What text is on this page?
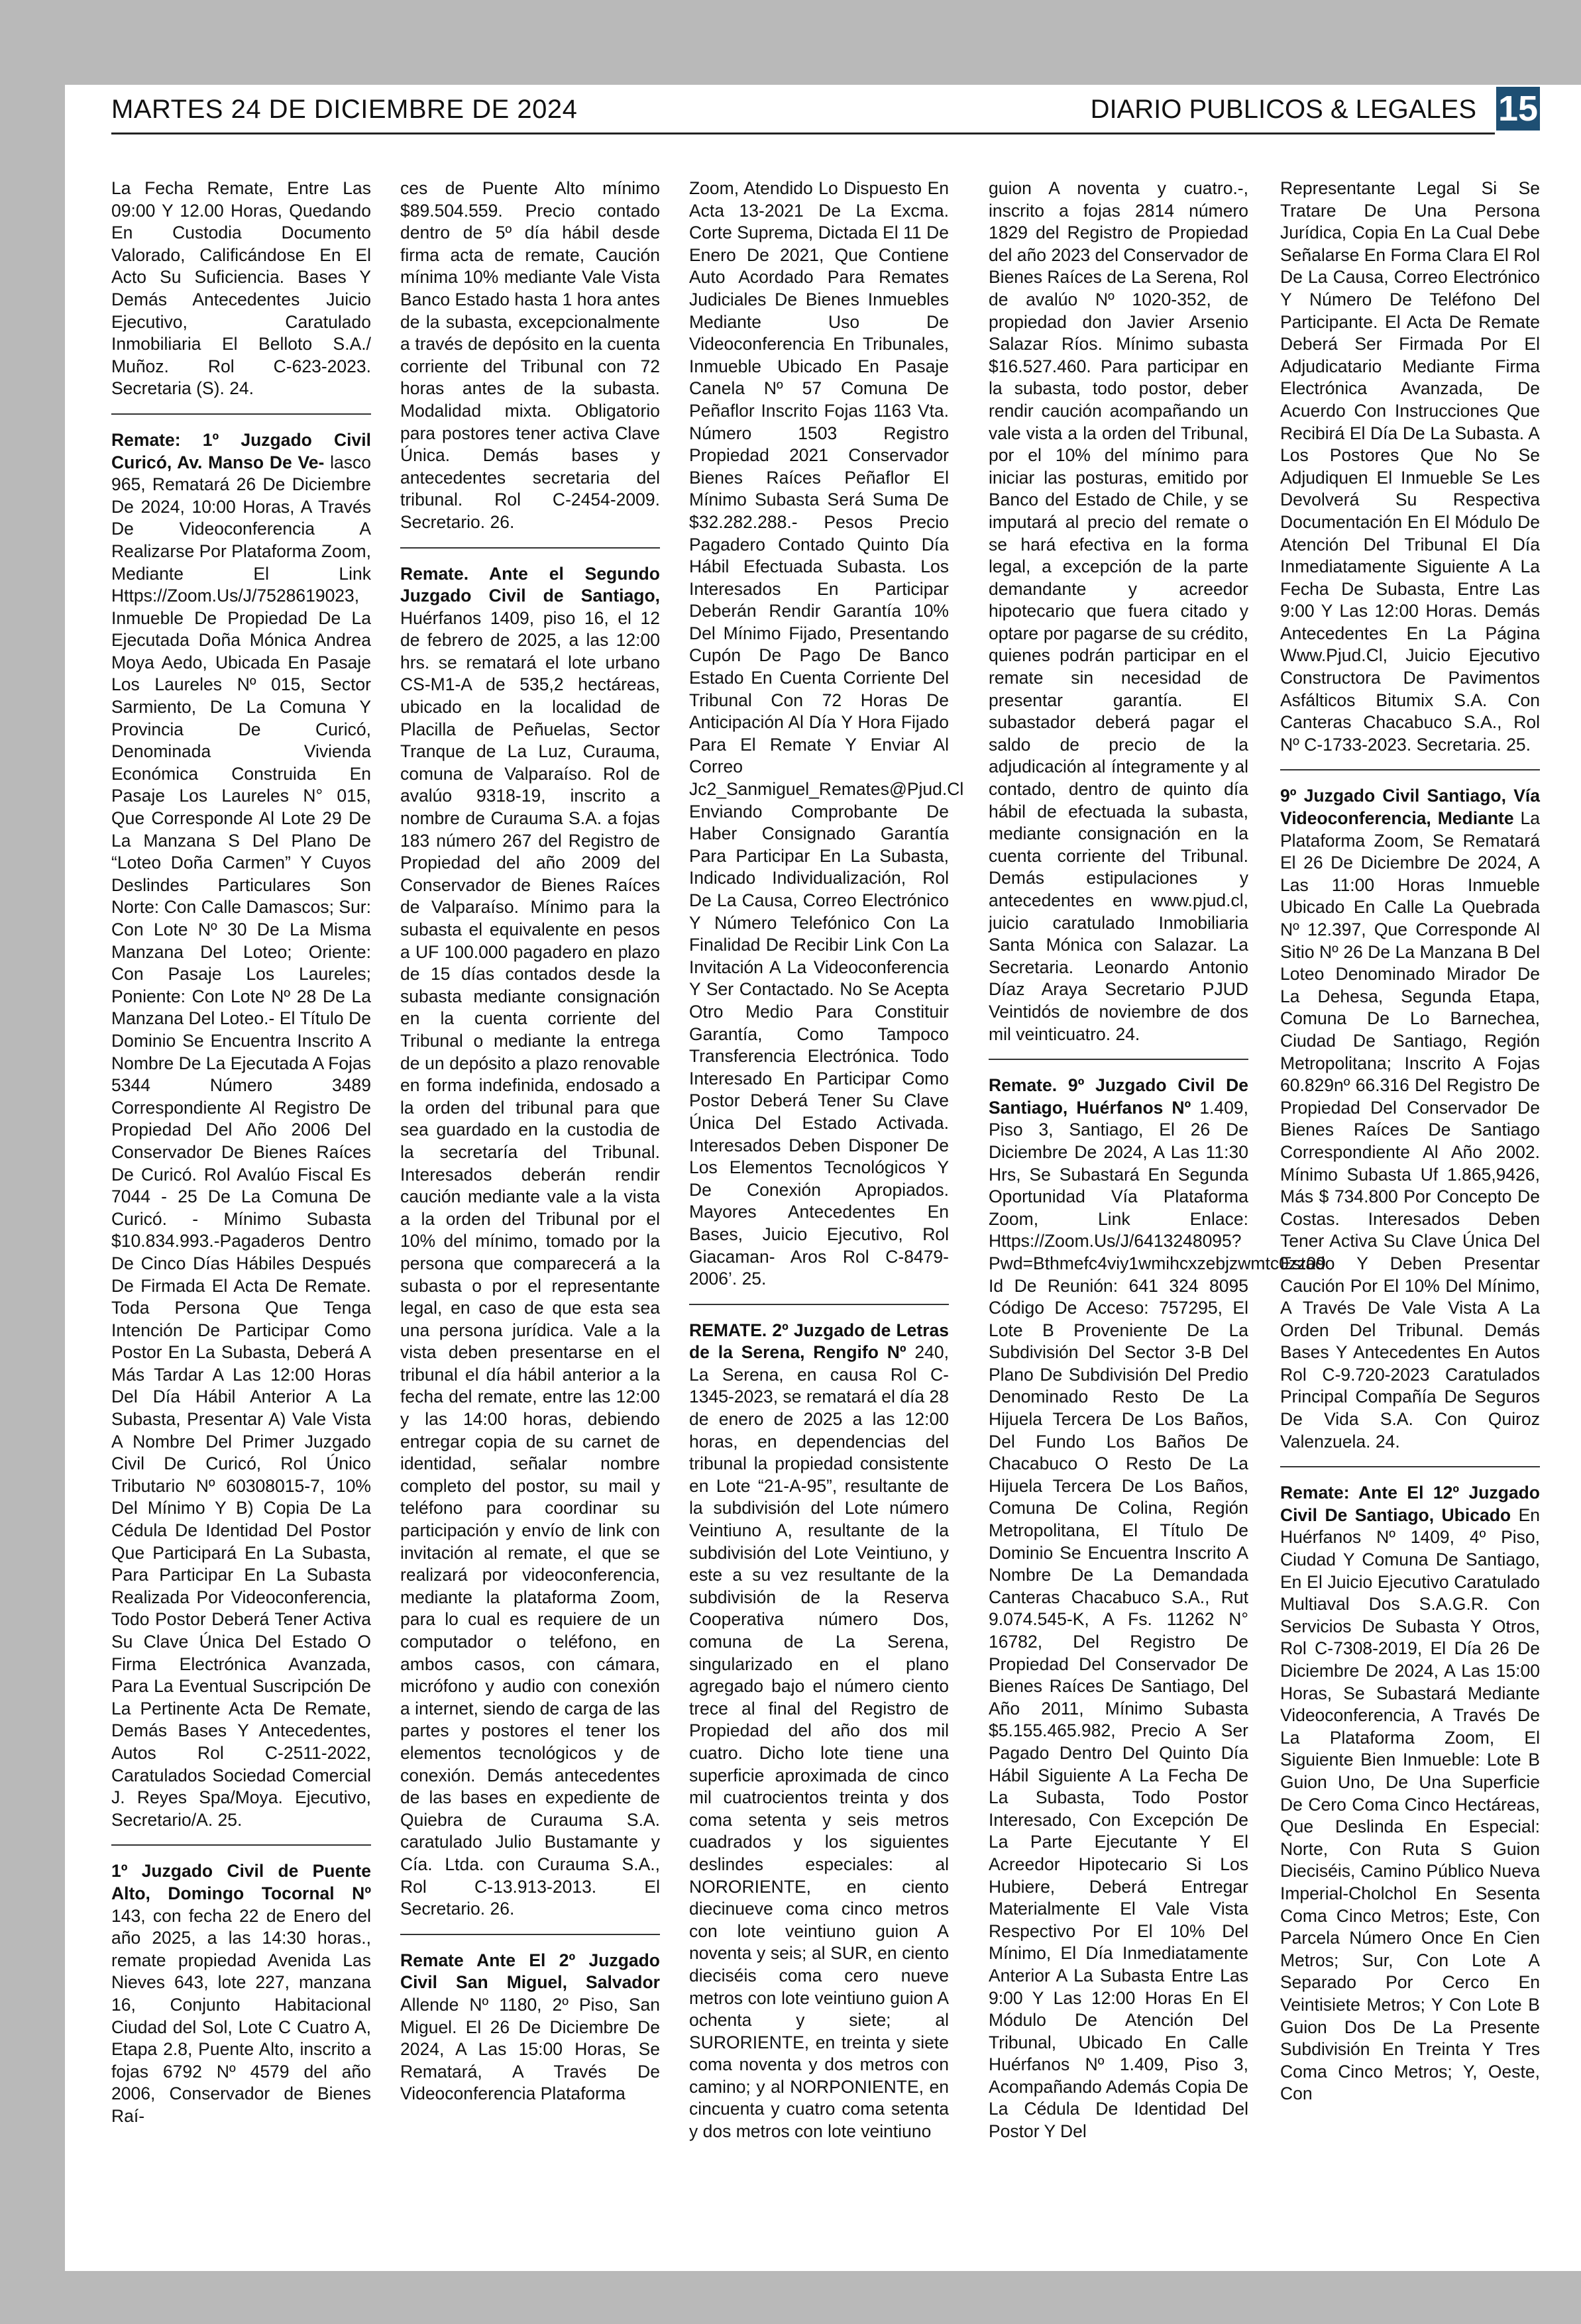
MARTES 24 DE DICIEMBRE DE 2024	DIARIO PUBLICOS & LEGALES 15

La Fecha Remate, Entre Las 09:00 Y 12.00 Horas, Quedando En Custodia Documento Valorado, Calificándose En El Acto Su Suficiencia. Bases Y Demás Antecedentes Juicio Ejecutivo, Caratulado Inmobiliaria El Belloto S.A./ Muñoz. Rol C-623-2023. Secretaria (S). 24.

Remate: 1º Juzgado Civil Curicó, Av. Manso De Ve- lasco 965, Rematará 26 De Diciembre De 2024, 10:00 Horas, A Través De Videoconferencia A Realizarse Por Plataforma Zoom, Mediante El Link Https://Zoom.Us/J/7528619023, Inmueble De Propiedad De La Ejecutada Doña Mónica Andrea Moya Aedo, Ubicada En Pasaje Los Laureles Nº 015, Sector Sarmiento, De La Comuna Y Provincia De Curicó, Denominada Vivienda Económica Construida En Pasaje Los Laureles N° 015, Que Corresponde Al Lote 29 De La Manzana S Del Plano De “Loteo Doña Carmen” Y Cuyos Deslindes Particulares Son Norte: Con Calle Damascos; Sur: Con Lote Nº 30 De La Misma Manzana Del Loteo; Oriente: Con Pasaje Los Laureles; Poniente: Con Lote Nº 28 De La Manzana Del Loteo.- El Título De Dominio Se Encuentra Inscrito A Nombre De La Ejecutada A Fojas 5344 Número 3489 Correspondiente Al Registro De Propiedad Del Año 2006 Del Conservador De Bienes Raíces De Curicó. Rol Avalúo Fiscal Es 7044 - 25 De La Comuna De Curicó. - Mínimo Subasta $10.834.993.-Pagaderos Dentro De Cinco Días Hábiles Después De Firmada El Acta De Remate. Toda Persona Que Tenga Intención De Participar Como Postor En La Subasta, Deberá A Más Tardar A Las 12:00 Horas Del Día Hábil Anterior A La Subasta, Presentar A) Vale Vista A Nombre Del Primer Juzgado Civil De Curicó, Rol Único Tributario Nº 60308015-7, 10% Del Mínimo Y B) Copia De La Cédula De Identidad Del Postor Que Participará En La Subasta, Para Participar En La Subasta Realizada Por Videoconferencia, Todo Postor Deberá Tener Activa Su Clave Única Del Estado O Firma Electrónica Avanzada, Para La Eventual Suscripción De La Pertinente Acta De Remate, Demás Bases Y Antecedentes, Autos Rol C-2511-2022, Caratulados Sociedad Comercial J. Reyes Spa/Moya. Ejecutivo, Secretario/A. 25.

1º Juzgado Civil de Puente Alto, Domingo Tocornal Nº 143, con fecha 22 de Enero del año 2025, a las 14:30 horas., remate propiedad Avenida Las Nieves 643, lote 227, manzana 16, Conjunto Habitacional Ciudad del Sol, Lote C Cuatro A, Etapa 2.8, Puente Alto, inscrito a fojas 6792 Nº 4579 del año 2006, Conservador de Bienes Raí-

ces de Puente Alto mínimo $89.504.559. Precio contado dentro de 5º día hábil desde firma acta de remate, Caución mínima 10% mediante Vale Vista Banco Estado hasta 1 hora antes de la subasta, excepcionalmente a través de depósito en la cuenta corriente del Tribunal con 72 horas antes de la subasta. Modalidad mixta. Obligatorio para postores tener activa Clave Única. Demás bases y antecedentes secretaria del tribunal. Rol C-2454-2009. Secretario. 26.

Remate. Ante el Segundo Juzgado Civil de Santiago, Huérfanos 1409, piso 16, el 12 de febrero de 2025, a las 12:00 hrs. se rematará el lote urbano CS-M1-A de 535,2 hectáreas, ubicado en la localidad de Placilla de Peñuelas, Sector Tranque de La Luz, Curauma, comuna de Valparaíso. Rol de avalúo 9318-19, inscrito a nombre de Curauma S.A. a fojas 183 número 267 del Registro de Propiedad del año 2009 del Conservador de Bienes Raíces de Valparaíso. Mínimo para la subasta el equivalente en pesos a UF 100.000 pagadero en plazo de 15 días contados desde la subasta mediante consignación en la cuenta corriente del Tribunal o mediante la entrega de un depósito a plazo renovable en forma indefinida, endosado a la orden del tribunal para que sea guardado en la custodia de la secretaría del Tribunal. Interesados deberán rendir caución mediante vale a la vista a la orden del Tribunal por el 10% del mínimo, tomado por la persona que comparecerá a la subasta o por el representante legal, en caso de que esta sea una persona jurídica. Vale a la vista deben presentarse en el tribunal el día hábil anterior a la fecha del remate, entre las 12:00 y las 14:00 horas, debiendo entregar copia de su carnet de identidad, señalar nombre completo del postor, su mail y teléfono para coordinar su participación y envío de link con invitación al remate, el que se realizará por videoconferencia, mediante la plataforma Zoom, para lo cual es requiere de un computador o teléfono, en ambos casos, con cámara, micrófono y audio con conexión a internet, siendo de carga de las partes y postores el tener los elementos tecnológicos y de conexión. Demás antecedentes de las bases en expediente de Quiebra de Curauma S.A. caratulado Julio Bustamante y Cía. Ltda. con Curauma S.A., Rol C-13.913-2013. El Secretario. 26.

Remate Ante El 2º Juzgado Civil San Miguel, Salvador Allende Nº 1180, 2º Piso, San Miguel. El 26 De Diciembre De 2024, A Las 15:00 Horas, Se Rematará, A Través De Videoconferencia Plataforma

Zoom, Atendido Lo Dispuesto En Acta 13-2021 De La Excma. Corte Suprema, Dictada El 11 De Enero De 2021, Que Contiene Auto Acordado Para Remates Judiciales De Bienes Inmuebles Mediante Uso De Videoconferencia En Tribunales, Inmueble Ubicado En Pasaje Canela Nº 57 Comuna De Peñaflor Inscrito Fojas 1163 Vta. Número 1503 Registro Propiedad 2021 Conservador Bienes Raíces Peñaflor El Mínimo Subasta Será Suma De $32.282.288.- Pesos Precio Pagadero Contado Quinto Día Hábil Efectuada Subasta. Los Interesados En Participar Deberán Rendir Garantía 10% Del Mínimo Fijado, Presentando Cupón De Pago De Banco Estado En Cuenta Corriente Del Tribunal Con 72 Horas De Anticipación Al Día Y Hora Fijado Para El Remate Y Enviar Al Correo Jc2_Sanmiguel_Remates@Pjud.Cl Enviando Comprobante De Haber Consignado Garantía Para Participar En La Subasta, Indicado Individualización, Rol De La Causa, Correo Electrónico Y Número Telefónico Con La Finalidad De Recibir Link Con La Invitación A La Videoconferencia Y Ser Contactado. No Se Acepta Otro Medio Para Constituir Garantía, Como Tampoco Transferencia Electrónica. Todo Interesado En Participar Como Postor Deberá Tener Su Clave Única Del Estado Activada. Interesados Deben Disponer De Los Elementos Tecnológicos Y De Conexión Apropiados. Mayores Antecedentes En Bases, Juicio Ejecutivo, Rol Giacaman- Aros Rol C-8479-2006’. 25.

REMATE. 2º Juzgado de Letras de la Serena, Rengifo Nº 240, La Serena, en causa Rol C-1345-2023, se rematará el día 28 de enero de 2025 a las 12:00 horas, en dependencias del tribunal la propiedad consistente en Lote “21-A-95”, resultante de la subdivisión del Lote número Veintiuno A, resultante de la subdivisión del Lote Veintiuno, y este a su vez resultante de la subdivisión de la Reserva Cooperativa número Dos, comuna de La Serena, singularizado en el plano agregado bajo el número ciento trece al final del Registro de Propiedad del año dos mil cuatro. Dicho lote tiene una superficie aproximada de cinco mil cuatrocientos treinta y dos coma setenta y seis metros cuadrados y los siguientes deslindes especiales: al NORORIENTE, en ciento diecinueve coma cinco metros con lote veintiuno guion A noventa y seis; al SUR, en ciento dieciséis coma cero nueve metros con lote veintiuno guion A ochenta y siete; al SURORIENTE, en treinta y siete coma noventa y dos metros con camino; y al NORPONIENTE, en cincuenta y cuatro coma setenta y dos metros con lote veintiuno

guion A noventa y cuatro.-, inscrito a fojas 2814 número 1829 del Registro de Propiedad del año 2023 del Conservador de Bienes Raíces de La Serena, Rol de avalúo Nº 1020-352, de propiedad don Javier Arsenio Salazar Ríos. Mínimo subasta $16.527.460. Para participar en la subasta, todo postor, deber rendir caución acompañando un vale vista a la orden del Tribunal, por el 10% del mínimo para iniciar las posturas, emitido por Banco del Estado de Chile, y se imputará al precio del remate o se hará efectiva en la forma legal, a excepción de la parte demandante y acreedor hipotecario que fuera citado y optare por pagarse de su crédito, quienes podrán participar en el remate sin necesidad de presentar garantía. El subastador deberá pagar el saldo de precio de la adjudicación al íntegramente y al contado, dentro de quinto día hábil de efectuada la subasta, mediante consignación en la cuenta corriente del Tribunal. Demás estipulaciones y antecedentes en www.pjud.cl, juicio caratulado Inmobiliaria Santa Mónica con Salazar. La Secretaria. Leonardo Antonio Díaz Araya Secretario PJUD Veintidós de noviembre de dos mil veinticuatro. 24.

Remate. 9º Juzgado Civil De Santiago, Huérfanos Nº 1.409, Piso 3, Santiago, El 26 De Diciembre De 2024, A Las 11:30 Hrs, Se Subastará En Segunda Oportunidad Vía Plataforma Zoom, Link Enlace: Https://Zoom.Us/J/6413248095?Pwd=Bthmefc4viy1wmihcxzebjzwmtc0zz09 Id De Reunión: 641 324 8095 Código De Acceso: 757295, El Lote B Proveniente De La Subdivisión Del Sector 3-B Del Plano De Subdivisión Del Predio Denominado Resto De La Hijuela Tercera De Los Baños, Del Fundo Los Baños De Chacabuco O Resto De La Hijuela Tercera De Los Baños, Comuna De Colina, Región Metropolitana, El Título De Dominio Se Encuentra Inscrito A Nombre De La Demandada Canteras Chacabuco S.A., Rut 9.074.545-K, A Fs. 11262 N° 16782, Del Registro De Propiedad Del Conservador De Bienes Raíces De Santiago, Del Año 2011, Mínimo Subasta $5.155.465.982, Precio A Ser Pagado Dentro Del Quinto Día Hábil Siguiente A La Fecha De La Subasta, Todo Postor Interesado, Con Excepción De La Parte Ejecutante Y El Acreedor Hipotecario Si Los Hubiere, Deberá Entregar Materialmente El Vale Vista Respectivo Por El 10% Del Mínimo, El Día Inmediatamente Anterior A La Subasta Entre Las 9:00 Y Las 12:00 Horas En El Módulo De Atención Del Tribunal, Ubicado En Calle Huérfanos Nº 1.409, Piso 3, Acompañando Además Copia De La Cédula De Identidad Del Postor Y Del

Representante Legal Si Se Tratare De Una Persona Jurídica, Copia En La Cual Debe Señalarse En Forma Clara El Rol De La Causa, Correo Electrónico Y Número De Teléfono Del Participante. El Acta De Remate Deberá Ser Firmada Por El Adjudicatario Mediante Firma Electrónica Avanzada, De Acuerdo Con Instrucciones Que Recibirá El Día De La Subasta. A Los Postores Que No Se Adjudiquen El Inmueble Se Les Devolverá Su Respectiva Documentación En El Módulo De Atención Del Tribunal El Día Inmediatamente Siguiente A La Fecha De Subasta, Entre Las 9:00 Y Las 12:00 Horas. Demás Antecedentes En La Página Www.Pjud.Cl, Juicio Ejecutivo Constructora De Pavimentos Asfálticos Bitumix S.A. Con Canteras Chacabuco S.A., Rol Nº C-1733-2023. Secretaria. 25.

9º Juzgado Civil Santiago, Vía Videoconferencia, Mediante La Plataforma Zoom, Se Rematará El 26 De Diciembre De 2024, A Las 11:00 Horas Inmueble Ubicado En Calle La Quebrada Nº 12.397, Que Corresponde Al Sitio Nº 26 De La Manzana B Del Loteo Denominado Mirador De La Dehesa, Segunda Etapa, Comuna De Lo Barnechea, Ciudad De Santiago, Región Metropolitana; Inscrito A Fojas 60.829nº 66.316 Del Registro De Propiedad Del Conservador De Bienes Raíces De Santiago Correspondiente Al Año 2002. Mínimo Subasta Uf 1.865,9426, Más $ 734.800 Por Concepto De Costas. Interesados Deben Tener Activa Su Clave Única Del Estado Y Deben Presentar Caución Por El 10% Del Mínimo, A Través De Vale Vista A La Orden Del Tribunal. Demás Bases Y Antecedentes En Autos Rol C-9.720-2023 Caratulados Principal Compañía De Seguros De Vida S.A. Con Quiroz Valenzuela. 24.

Remate: Ante El 12º Juzgado Civil De Santiago, Ubicado En Huérfanos Nº 1409, 4º Piso, Ciudad Y Comuna De Santiago, En El Juicio Ejecutivo Caratulado Multiaval Dos S.A.G.R. Con Servicios De Subasta Y Otros, Rol C-7308-2019, El Día 26 De Diciembre De 2024, A Las 15:00 Horas, Se Subastará Mediante Videoconferencia, A Través De La Plataforma Zoom, El Siguiente Bien Inmueble: Lote B Guion Uno, De Una Superficie De Cero Coma Cinco Hectáreas, Que Deslinda En Especial: Norte, Con Ruta S Guion Dieciséis, Camino Público Nueva Imperial-Cholchol En Sesenta Coma Cinco Metros; Este, Con Parcela Número Once En Cien Metros; Sur, Con Lote A Separado Por Cerco En Veintisiete Metros; Y Con Lote B Guion Dos De La Presente Subdivisión En Treinta Y Tres Coma Cinco Metros; Y, Oeste, Con
